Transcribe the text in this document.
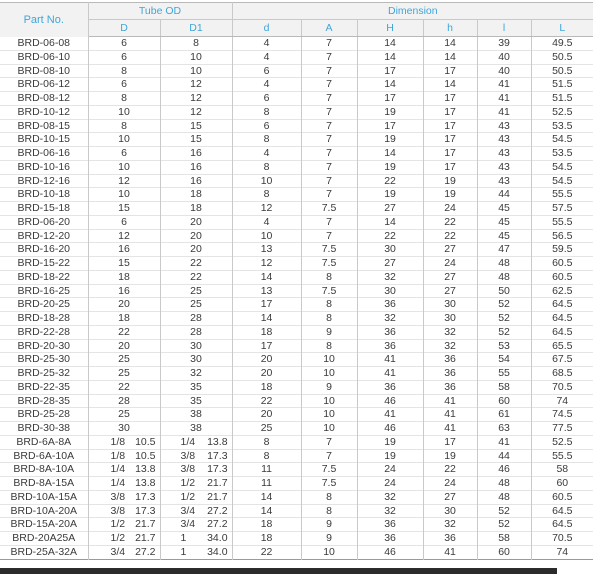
Part No.	Tube OD				Dimension					
	D		D1		d	A	H	h	l	L
BRD-06-08	6		8		4	7	14	14	39	49.5
BRD-06-10	6		10		4	7	14	14	40	50.5
BRD-08-10	8		10		6	7	17	17	40	50.5
BRD-06-12	6		12		4	7	14	14	41	51.5
BRD-08-12	8		12		6	7	17	17	41	51.5
BRD-10-12	10		12		8	7	19	17	41	52.5
BRD-08-15	8		15		6	7	17	17	43	53.5
BRD-10-15	10		15		8	7	19	17	43	54.5
BRD-06-16	6		16		4	7	14	17	43	53.5
BRD-10-16	10		16		8	7	19	17	43	54.5
BRD-12-16	12		16		10	7	22	19	43	54.5
BRD-10-18	10		18		8	7	19	19	44	55.5
BRD-15-18	15		18		12	7.5	27	24	45	57.5
BRD-06-20	6		20		4	7	14	22	45	55.5
BRD-12-20	12		20		10	7	22	22	45	56.5
BRD-16-20	16		20		13	7.5	30	27	47	59.5
BRD-15-22	15		22		12	7.5	27	24	48	60.5
BRD-18-22	18		22		14	8	32	27	48	60.5
BRD-16-25	16		25		13	7.5	30	27	50	62.5
BRD-20-25	20		25		17	8	36	30	52	64.5
BRD-18-28	18		28		14	8	32	30	52	64.5
BRD-22-28	22		28		18	9	36	32	52	64.5
BRD-20-30	20		30		17	8	36	32	53	65.5
BRD-25-30	25		30		20	10	41	36	54	67.5
BRD-25-32	25		32		20	10	41	36	55	68.5
BRD-22-35	22		35		18	9	36	36	58	70.5
BRD-28-35	28		35		22	10	46	41	60	74
BRD-25-28	25		38		20	10	41	41	61	74.5
BRD-30-38	30		38		25	10	46	41	63	77.5
BRD-6A-8A	1/8	10.5	1/4	13.8	8	7	19	17	41	52.5
BRD-6A-10A	1/8	10.5	3/8	17.3	8	7	19	19	44	55.5
BRD-8A-10A	1/4	13.8	3/8	17.3	11	7.5	24	22	46	58
BRD-8A-15A	1/4	13.8	1/2	21.7	11	7.5	24	24	48	60
BRD-10A-15A	3/8	17.3	1/2	21.7	14	8	32	27	48	60.5
BRD-10A-20A	3/8	17.3	3/4	27.2	14	8	32	30	52	64.5
BRD-15A-20A	1/2	21.7	3/4	27.2	18	9	36	32	52	64.5
BRD-20A25A	1/2	21.7	1	34.0	18	9	36	36	58	70.5
BRD-25A-32A	3/4	27.2	1	34.0	22	10	46	41	60	74
